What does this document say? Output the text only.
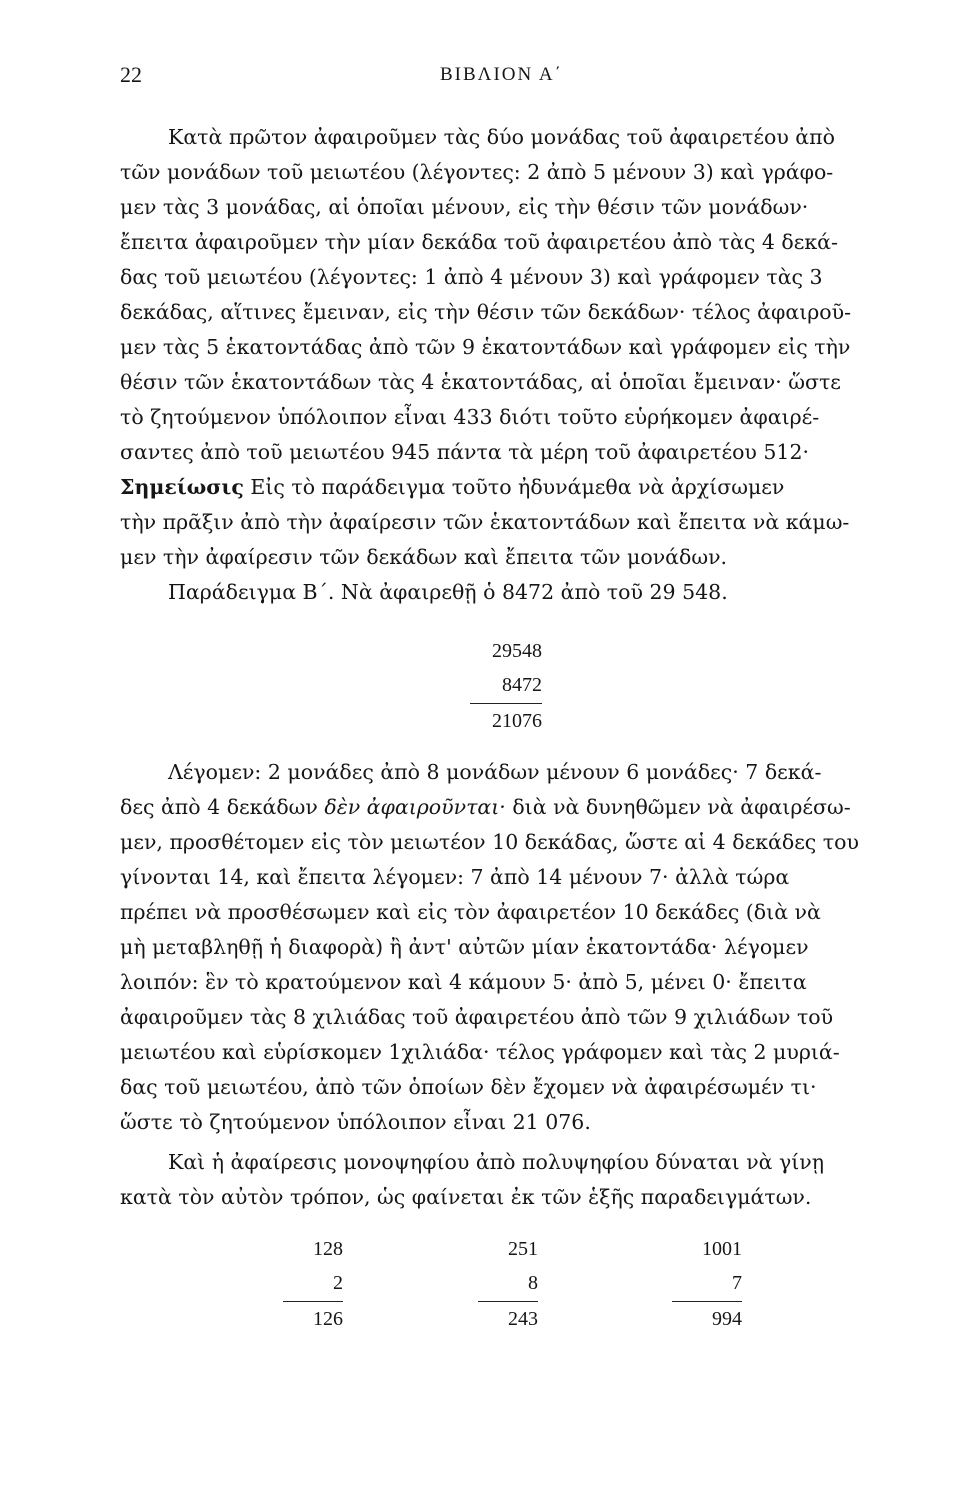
22	ΒΙΒΛΙΟΝ Α΄
Κατὰ πρῶτον ἀφαιροῦμεν τὰς δύο μονάδας τοῦ ἀφαιρετέου ἀπὸ
τῶν μονάδων τοῦ μειωτέου (λέγοντες: 2 ἀπὸ 5 μένουν 3) καὶ γράφο-
μεν τὰς 3 μονάδας, αἱ ὁποῖαι μένουν, εἰς τὴν θέσιν τῶν μονάδων·
ἔπειτα ἀφαιροῦμεν τὴν μίαν δεκάδα τοῦ ἀφαιρετέου ἀπὸ τὰς 4 δεκά-
δας τοῦ μειωτέου (λέγοντες: 1 ἀπὸ 4 μένουν 3) καὶ γράφομεν τὰς 3
δεκάδας, αἵτινες ἔμειναν, εἰς τὴν θέσιν τῶν δεκάδων· τέλος ἀφαιροῦ-
μεν τὰς 5 ἑκατοντάδας ἀπὸ τῶν 9 ἑκατοντάδων καὶ γράφομεν εἰς τὴν
θέσιν τῶν ἑκατοντάδων τὰς 4 ἑκατοντάδας, αἱ ὁποῖαι ἔμειναν· ὥστε
τὸ ζητούμενον ὑπόλοιπον εἶναι 433 διότι τοῦτο εὑρήκομεν ἀφαιρέ-
σαντες ἀπὸ τοῦ μειωτέου 945 πάντα τὰ μέρη τοῦ ἀφαιρετέου 512·
Σημείωσις Εἰς τὸ παράδειγμα τοῦτο ἠδυνάμεθα νὰ ἀρχίσωμεν
τὴν πρᾶξιν ἀπὸ τὴν ἀφαίρεσιν τῶν ἑκατοντάδων καὶ ἔπειτα νὰ κάμω-
μεν τὴν ἀφαίρεσιν τῶν δεκάδων καὶ ἔπειτα τῶν μονάδων.
Παράδειγμα Β΄. Νὰ ἀφαιρεθῇ ὁ 8472 ἀπὸ τοῦ 29 548.
29548
8472
21076
Λέγομεν: 2 μονάδες ἀπὸ 8 μονάδων μένουν 6 μονάδες· 7 δεκά-
δες ἀπὸ 4 δεκάδων δὲν ἀφαιροῦνται· διὰ νὰ δυνηθῶμεν νὰ ἀφαιρέσω-
μεν, προσθέτομεν εἰς τὸν μειωτέον 10 δεκάδας, ὥστε αἱ 4 δεκάδες του
γίνονται 14, καὶ ἔπειτα λέγομεν: 7 ἀπὸ 14 μένουν 7· ἀλλὰ τώρα
πρέπει νὰ προσθέσωμεν καὶ εἰς τὸν ἀφαιρετέον 10 δεκάδες (διὰ νὰ
μὴ μεταβληθῇ ἡ διαφορὰ) ἢ ἀντ' αὐτῶν μίαν ἑκατοντάδα· λέγομεν
λοιπόν: ἓν τὸ κρατούμενον καὶ 4 κάμουν 5· ἀπὸ 5, μένει 0· ἔπειτα
ἀφαιροῦμεν τὰς 8 χιλιάδας τοῦ ἀφαιρετέου ἀπὸ τῶν 9 χιλιάδων τοῦ
μειωτέου καὶ εὑρίσκομεν 1χιλιάδα· τέλος γράφομεν καὶ τὰς 2 μυριά-
δας τοῦ μειωτέου, ἀπὸ τῶν ὁποίων δὲν ἔχομεν νὰ ἀφαιρέσωμέν τι·
ὥστε τὸ ζητούμενον ὑπόλοιπον εἶναι 21 076.
Καὶ ἡ ἀφαίρεσις μονοψηφίου ἀπὸ πολυψηφίου δύναται νὰ γίνῃ
κατὰ τὸν αὐτὸν τρόπον, ὡς φαίνεται ἐκ τῶν ἑξῆς παραδειγμάτων.
128
2
126
251
8
243
1001
7
994
